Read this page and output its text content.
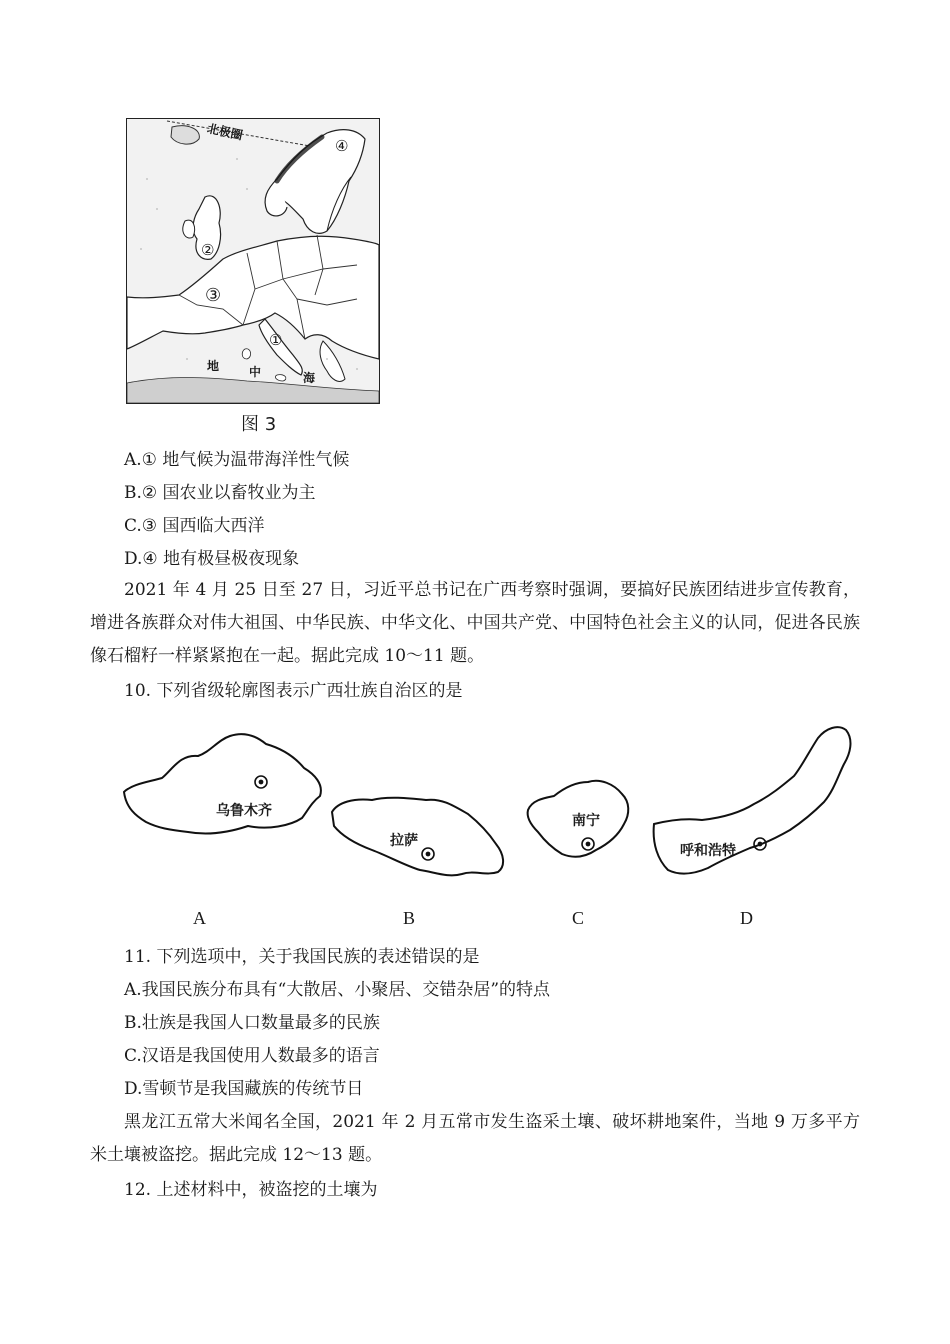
北极圈
①
②
③
④
地 中	海
图 3
A.① 地气候为温带海洋性气候
B.② 国农业以畜牧业为主
C.③ 国西临大西洋
D.④ 地有极昼极夜现象
2021 年 4 月 25 日至 27 日，习近平总书记在广西考察时强调，要搞好民族团结进步宣传教育，增进各族群众对伟大祖国、中华民族、中华文化、中国共产党、中国特色社会主义的认同，促进各民族像石榴籽一样紧紧抱在一起。据此完成 10～11 题。
10. 下列省级轮廓图表示广西壮族自治区的是
乌鲁木齐
拉萨
南宁
呼和浩特
A	B	C	D
11. 下列选项中，关于我国民族的表述错误的是
A.我国民族分布具有“大散居、小聚居、交错杂居”的特点
B.壮族是我国人口数量最多的民族
C.汉语是我国使用人数最多的语言
D.雪顿节是我国藏族的传统节日
黑龙江五常大米闻名全国，2021 年 2 月五常市发生盗采土壤、破坏耕地案件，当地 9 万多平方米土壤被盗挖。据此完成 12～13 题。
12. 上述材料中，被盗挖的土壤为
